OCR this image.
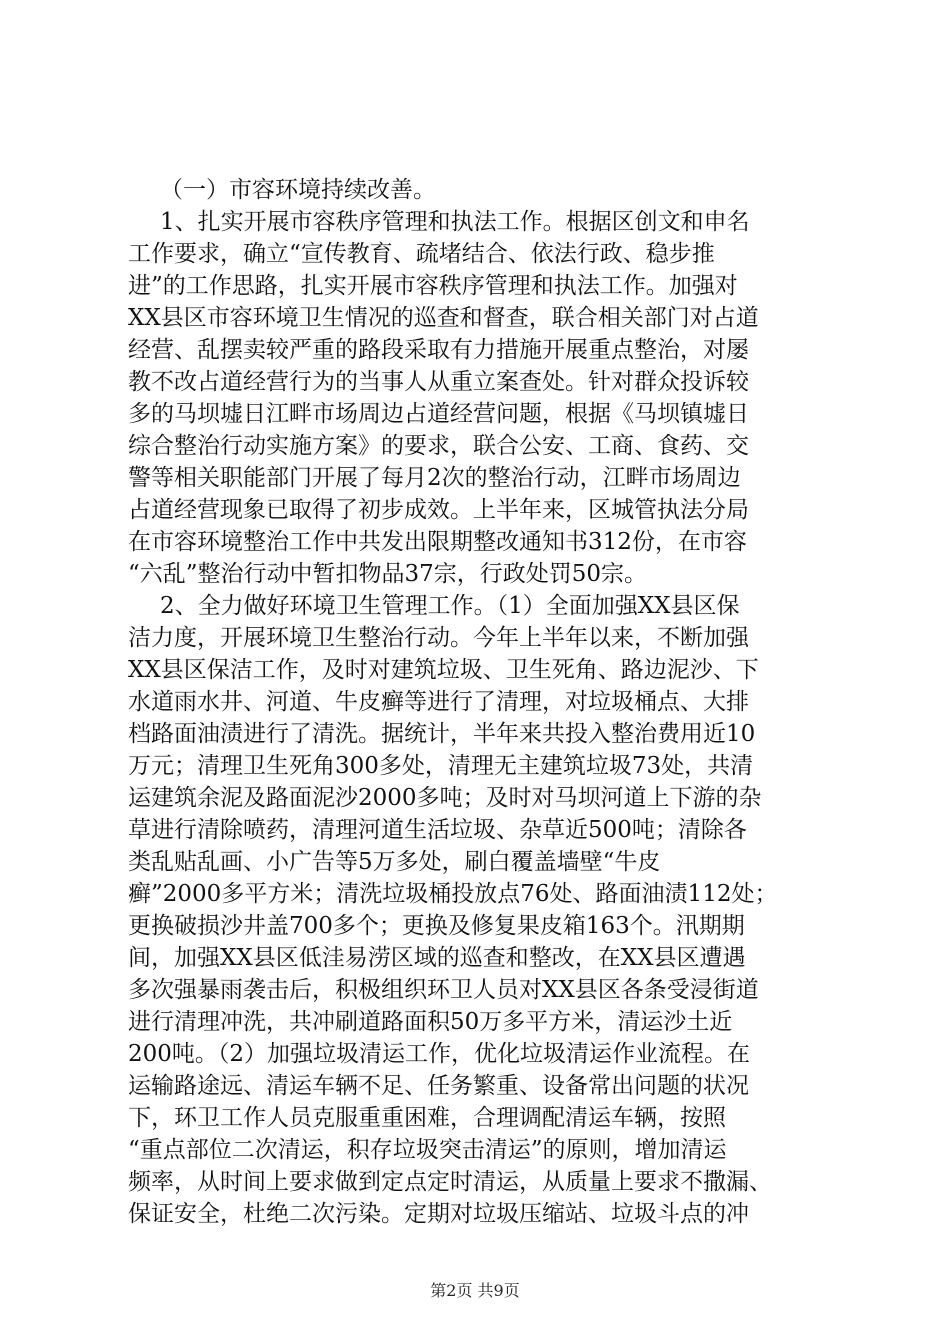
（一）市容环境持续改善。
1、扎实开展市容秩序管理和执法工作。根据区创文和申名
工作要求，确立“宣传教育、疏堵结合、依法行政、稳步推
进”的工作思路，扎实开展市容秩序管理和执法工作。加强对
XX县区市容环境卫生情况的巡查和督查，联合相关部门对占道
经营、乱摆卖较严重的路段采取有力措施开展重点整治，对屡
教不改占道经营行为的当事人从重立案查处。针对群众投诉较
多的马坝墟日江畔市场周边占道经营问题，根据《马坝镇墟日
综合整治行动实施方案》的要求，联合公安、工商、食药、交
警等相关职能部门开展了每月2次的整治行动，江畔市场周边
占道经营现象已取得了初步成效。上半年来，区城管执法分局
在市容环境整治工作中共发出限期整改通知书312份，在市容
“六乱”整治行动中暂扣物品37宗，行政处罚50宗。
2、全力做好环境卫生管理工作。（1）全面加强XX县区保
洁力度，开展环境卫生整治行动。今年上半年以来，不断加强
XX县区保洁工作，及时对建筑垃圾、卫生死角、路边泥沙、下
水道雨水井、河道、牛皮癣等进行了清理，对垃圾桶点、大排
档路面油渍进行了清洗。据统计，半年来共投入整治费用近10
万元；清理卫生死角300多处，清理无主建筑垃圾73处，共清
运建筑余泥及路面泥沙2000多吨；及时对马坝河道上下游的杂
草进行清除喷药，清理河道生活垃圾、杂草近500吨；清除各
类乱贴乱画、小广告等5万多处，刷白覆盖墙壁“牛皮
癣”2000多平方米；清洗垃圾桶投放点76处、路面油渍112处；
更换破损沙井盖700多个；更换及修复果皮箱163个。汛期期
间，加强XX县区低洼易涝区域的巡查和整改，在XX县区遭遇
多次强暴雨袭击后，积极组织环卫人员对XX县区各条受浸街道
进行清理冲洗，共冲刷道路面积50万多平方米，清运沙土近
200吨。（2）加强垃圾清运工作，优化垃圾清运作业流程。在
运输路途远、清运车辆不足、任务繁重、设备常出问题的状况
下，环卫工作人员克服重重困难，合理调配清运车辆，按照
“重点部位二次清运，积存垃圾突击清运”的原则，增加清运
频率，从时间上要求做到定点定时清运，从质量上要求不撒漏、
保证安全，杜绝二次污染。定期对垃圾压缩站、垃圾斗点的冲
第2页 共9页
